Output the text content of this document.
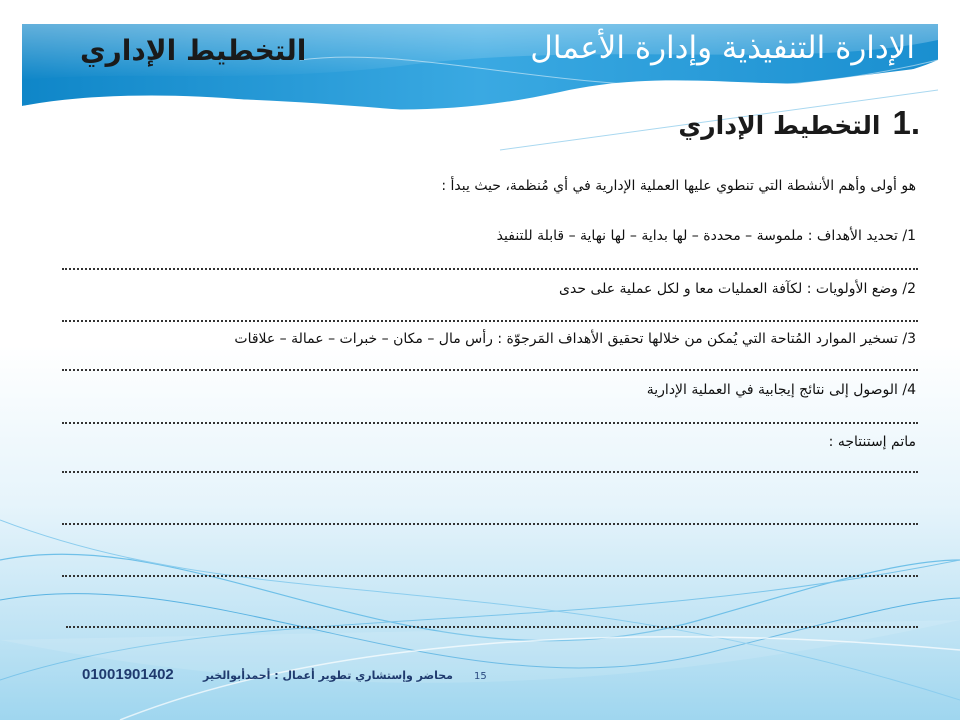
الإدارة التنفيذية وإدارة الأعمال
التخطيط الإداري
1.
التخطيط الإداري
هو أولى وأهم الأنشطة التي تنطوي عليها العملية الإدارية في أي مُنظمة، حيث يبدأ :
1/ تحديد الأهداف : ملموسة – محددة – لها بداية – لها نهاية – قابلة للتنفيذ
2/ وضع الأولويات : لكآفة العمليات معا و لكل عملية على حدى
3/ تسخير الموارد المُتاحة التي يُمكن من خلالها تحقيق الأهداف المَرجوّة : رأس مال – مكان – خبرات – عمالة – علاقات
4/ الوصول إلى نتائج إيجابية في العملية الإدارية
ماتم إستنتاجه :
01001901402	محاضر وإستشاري تطوير أعمال : أحمدأبوالخير 15
